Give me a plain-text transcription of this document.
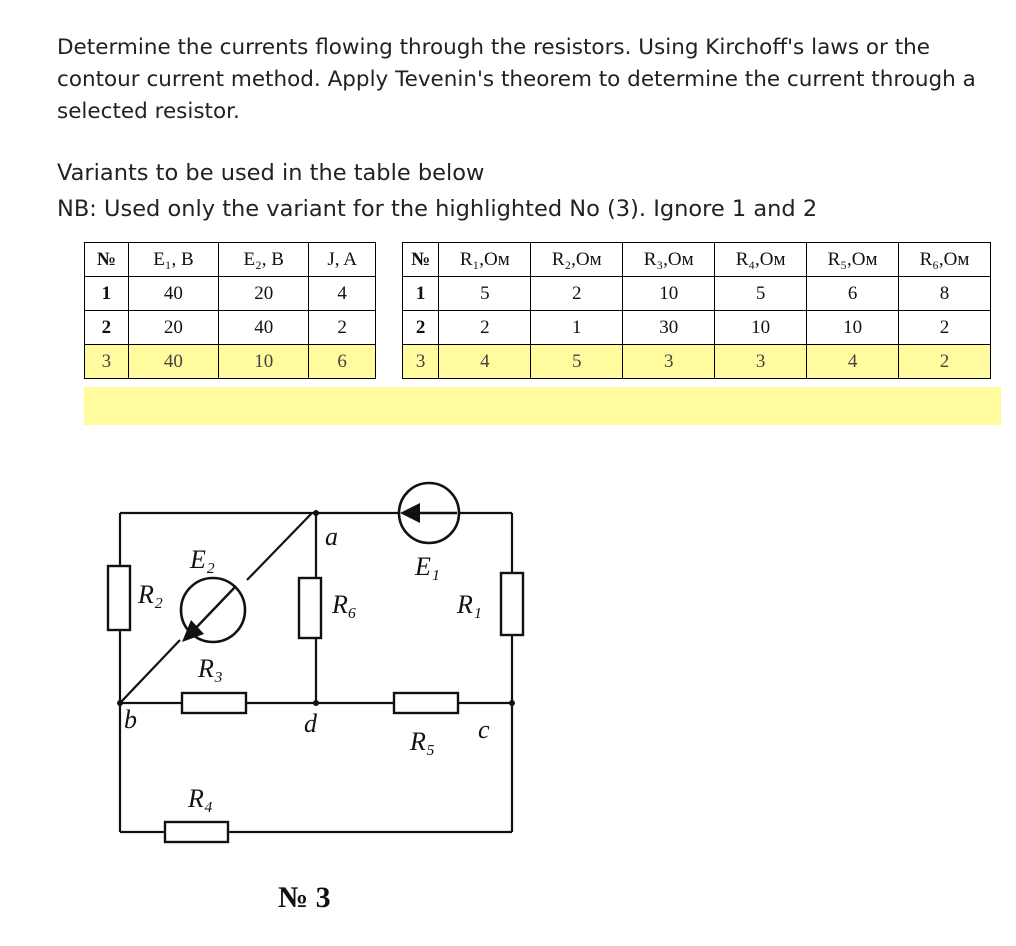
Determine the currents flowing through the resistors. Using Kirchoff's laws or the contour current method. Apply Tevenin's theorem to determine the current through a selected resistor.
Variants to be used in the table below
NB: Used only the variant for the highlighted No (3). Ignore 1 and 2
№	E₁, В	E₂, В	J, A
1	40	20	4
2	20	40	2
3	40	10	6
№	R₁,Ом	R₂,Ом	R₃,Ом	R₄,Ом	R₅,Ом	R₆,Ом
1	5	2	10	5	6	8
2	2	1	30	10	10	2
3	4	5	3	3	4	2
a
b	d	c
E₂	E₁
R₂	R₆	R₁
R₃
R₅
R₄
№ 3
